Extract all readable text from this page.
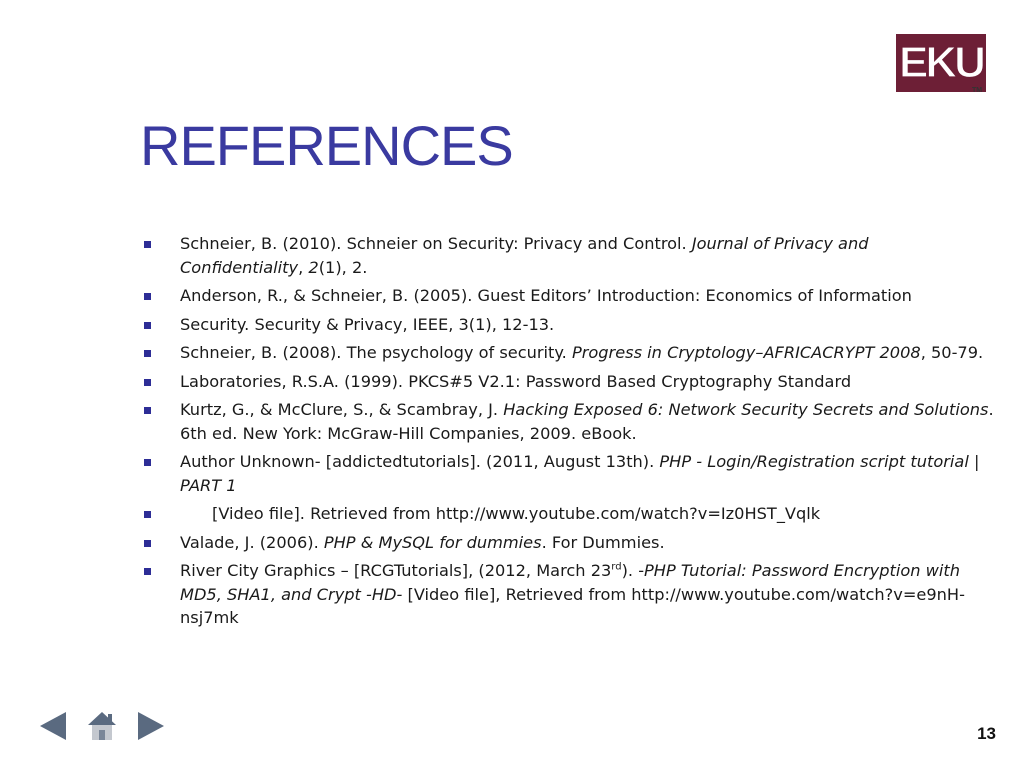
EKU
TM
REFERENCES
Schneier, B. (2010). Schneier on Security: Privacy and Control. Journal of Privacy and Confidentiality, 2(1), 2.
Anderson, R., & Schneier, B. (2005). Guest Editors’ Introduction: Economics of Information
Security. Security & Privacy, IEEE, 3(1), 12-13.
Schneier, B. (2008). The psychology of security. Progress in Cryptology–AFRICACRYPT 2008, 50-79.
Laboratories, R.S.A. (1999). PKCS#5 V2.1: Password Based Cryptography Standard
Kurtz, G., & McClure, S., & Scambray, J. Hacking Exposed 6: Network Security Secrets and Solutions. 6th ed. New York: McGraw-Hill Companies, 2009. eBook.
Author Unknown- [addictedtutorials]. (2011, August 13th). PHP - Login/Registration script tutorial | PART 1
[Video file]. Retrieved from http://www.youtube.com/watch?v=Iz0HST_Vqlk
Valade, J. (2006). PHP & MySQL for dummies. For Dummies.
River City Graphics – [RCGTutorials], (2012, March 23rd). -PHP Tutorial: Password Encryption with MD5, SHA1, and Crypt -HD- [Video file], Retrieved from http://www.youtube.com/watch?v=e9nH-nsj7mk
13
